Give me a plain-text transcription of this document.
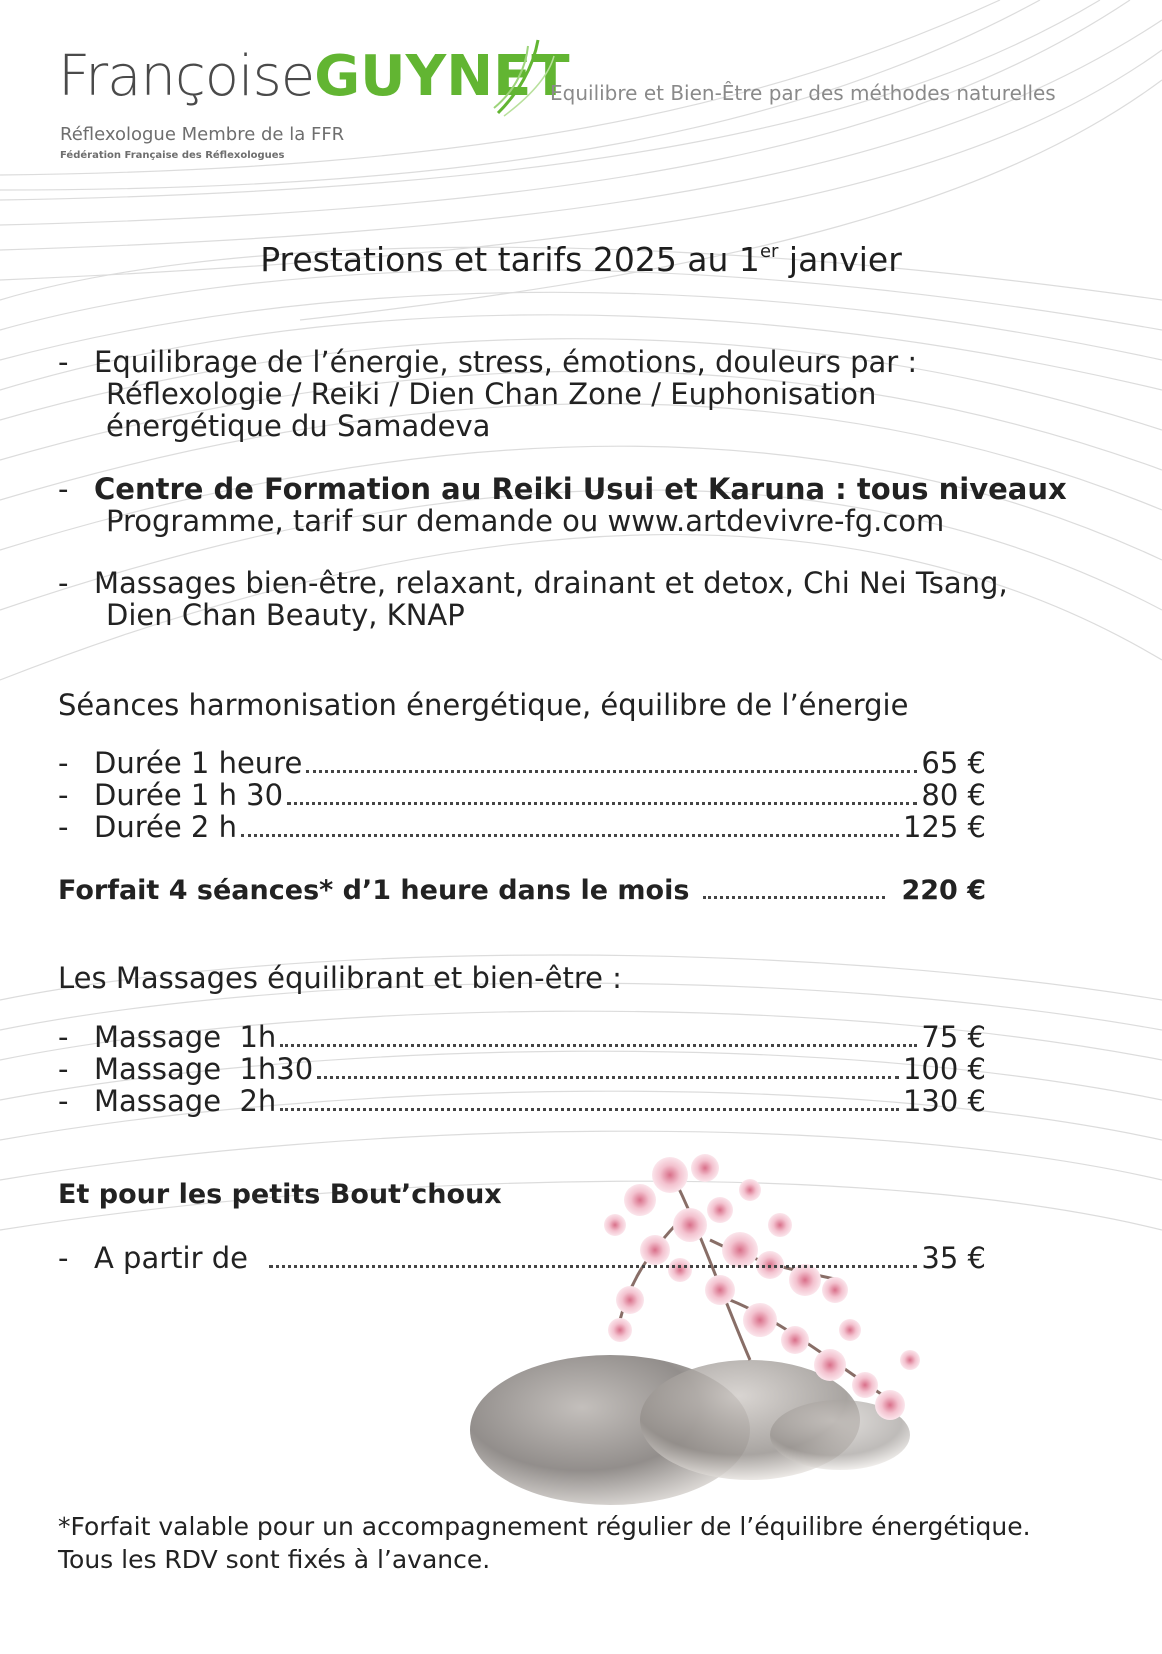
FrançoiseGUYNET
Equilibre et Bien-Être par des méthodes naturelles
Réflexologue Membre de la FFR
Fédération Française des Réflexologues
Prestations et tarifs 2025 au 1er janvier
- Equilibrage de l’énergie, stress, émotions, douleurs par :
Réflexologie / Reiki / Dien Chan Zone / Euphonisation
énergétique du Samadeva
- Centre de Formation au Reiki Usui et Karuna : tous niveaux
Programme, tarif sur demande ou www.artdevivre-fg.com
- Massages bien-être, relaxant, drainant et detox, Chi Nei Tsang,
Dien Chan Beauty, KNAP
Séances harmonisation énergétique, équilibre de l’énergie
- Durée 1 heure	65 €
- Durée 1 h 30	80 €
- Durée 2 h	125 €
Forfait 4 séances* d’1 heure dans le mois	220 €
Les Massages équilibrant et bien-être :
- Massage  1h	75 €
- Massage  1h30	100 €
- Massage  2h	130 €
Et pour les petits Bout’choux
- A partir de	35 €
*Forfait valable pour un accompagnement régulier de l’équilibre énergétique.
Tous les RDV sont fixés à l’avance.
